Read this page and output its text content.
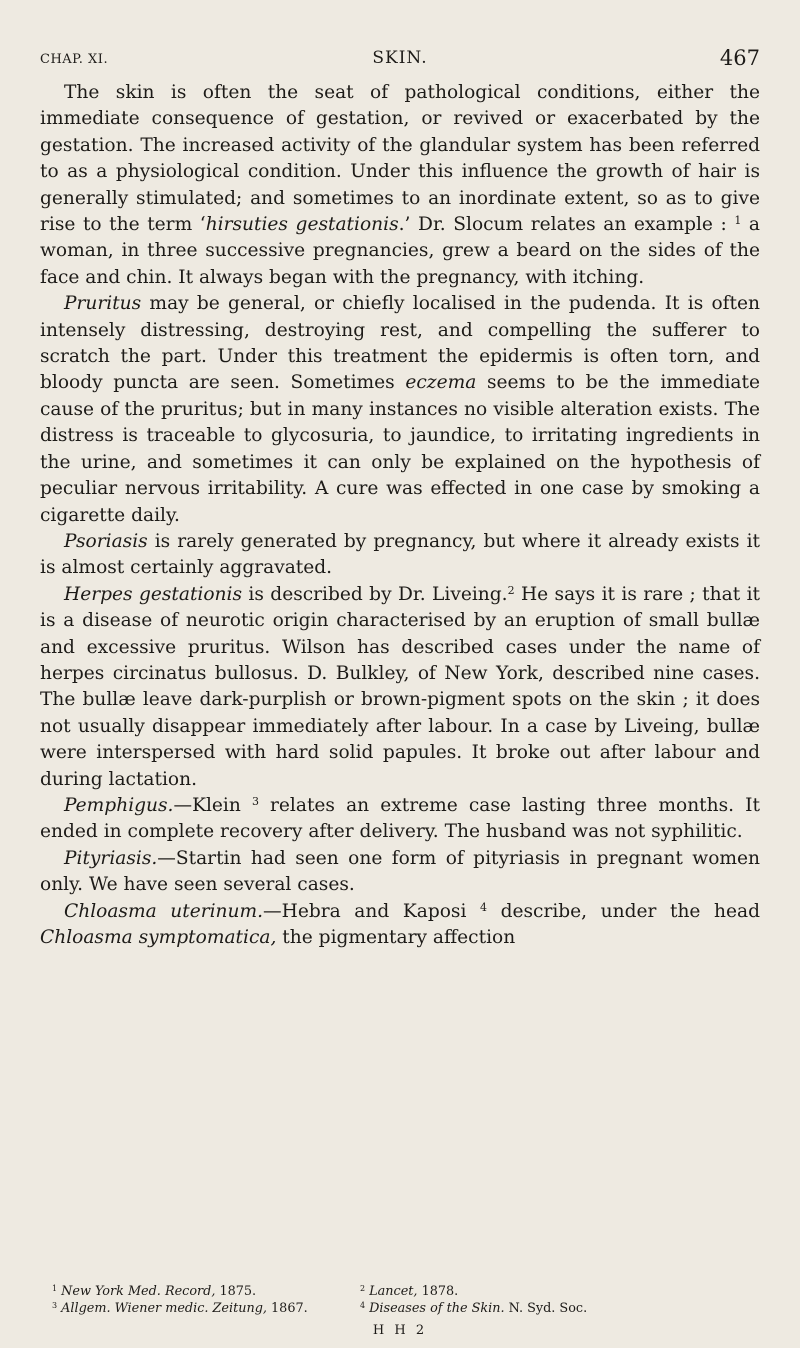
CHAP. XI.	SKIN.	467

The skin is often the seat of pathological conditions, either the immediate consequence of gestation, or revived or exacerbated by the gestation. The increased activity of the glandular system has been referred to as a physiological condition. Under this influence the growth of hair is generally stimulated; and sometimes to an inordinate extent, so as to give rise to the term ‘hirsuties gestationis.’ Dr. Slocum relates an example : $^1$ a woman, in three successive pregnancies, grew a beard on the sides of the face and chin. It always began with the pregnancy, with itching.

Pruritus may be general, or chiefly localised in the pudenda. It is often intensely distressing, destroying rest, and compelling the sufferer to scratch the part. Under this treatment the epidermis is often torn, and bloody puncta are seen. Sometimes eczema seems to be the immediate cause of the pruritus; but in many instances no visible alteration exists. The distress is traceable to glycosuria, to jaundice, to irritating ingredients in the urine, and sometimes it can only be explained on the hypothesis of peculiar nervous irritability. A cure was effected in one case by smoking a cigarette daily.

Psoriasis is rarely generated by pregnancy, but where it already exists it is almost certainly aggravated.

Herpes gestationis is described by Dr. Liveing.$^2$ He says it is rare ; that it is a disease of neurotic origin characterised by an eruption of small bullæ and excessive pruritus. Wilson has described cases under the name of herpes circinatus bullosus. D. Bulkley, of New York, described nine cases. The bullæ leave dark-purplish or brown-pigment spots on the skin ; it does not usually disappear immediately after labour. In a case by Liveing, bullæ were interspersed with hard solid papules. It broke out after labour and during lactation.

Pemphigus.—Klein $^3$ relates an extreme case lasting three months. It ended in complete recovery after delivery. The husband was not syphilitic.

Pityriasis.—Startin had seen one form of pityriasis in pregnant women only. We have seen several cases.

Chloasma uterinum.—Hebra and Kaposi $^4$ describe, under the head Chloasma symptomatica, the pigmentary affection

$^1$ New York Med. Record, 1875.	$^2$ Lancet, 1878.
$^3$ Allgem. Wiener medic. Zeitung, 1867.	$^4$ Diseases of the Skin. N. Syd. Soc.
H H 2
